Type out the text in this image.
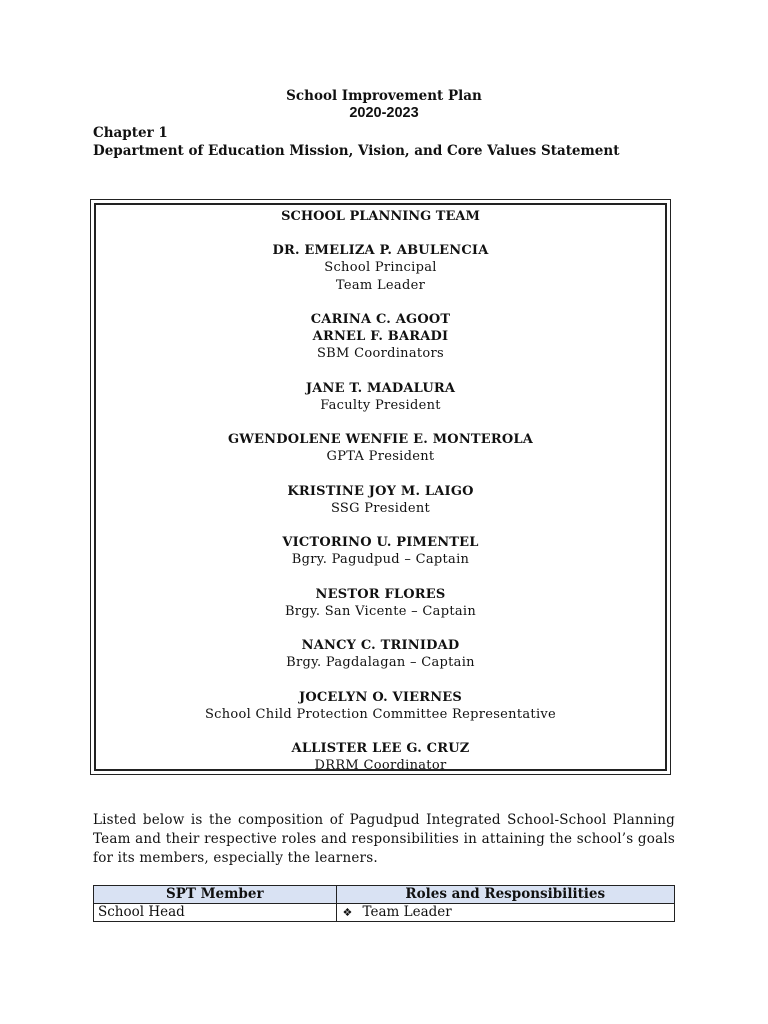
School Improvement Plan
2020-2023
Chapter 1
Department of Education Mission, Vision, and Core Values Statement
SCHOOL PLANNING TEAM
DR. EMELIZA P. ABULENCIA
School Principal
Team Leader
CARINA C. AGOOT
ARNEL F. BARADI
SBM Coordinators
JANE T. MADALURA
Faculty President
GWENDOLENE WENFIE E. MONTEROLA
GPTA President
KRISTINE JOY M. LAIGO
SSG President
VICTORINO U. PIMENTEL
Bgry. Pagudpud – Captain
NESTOR FLORES
Brgy. San Vicente – Captain
NANCY C. TRINIDAD
Brgy. Pagdalagan – Captain
JOCELYN O. VIERNES
School Child Protection Committee Representative
ALLISTER LEE G. CRUZ
DRRM Coordinator
Listed below is the composition of Pagudpud Integrated School-School Planning Team and their respective roles and responsibilities in attaining the school’s goals for its members, especially the learners.
SPT Member	Roles and Responsibilities
School Head	❖ Team Leader
